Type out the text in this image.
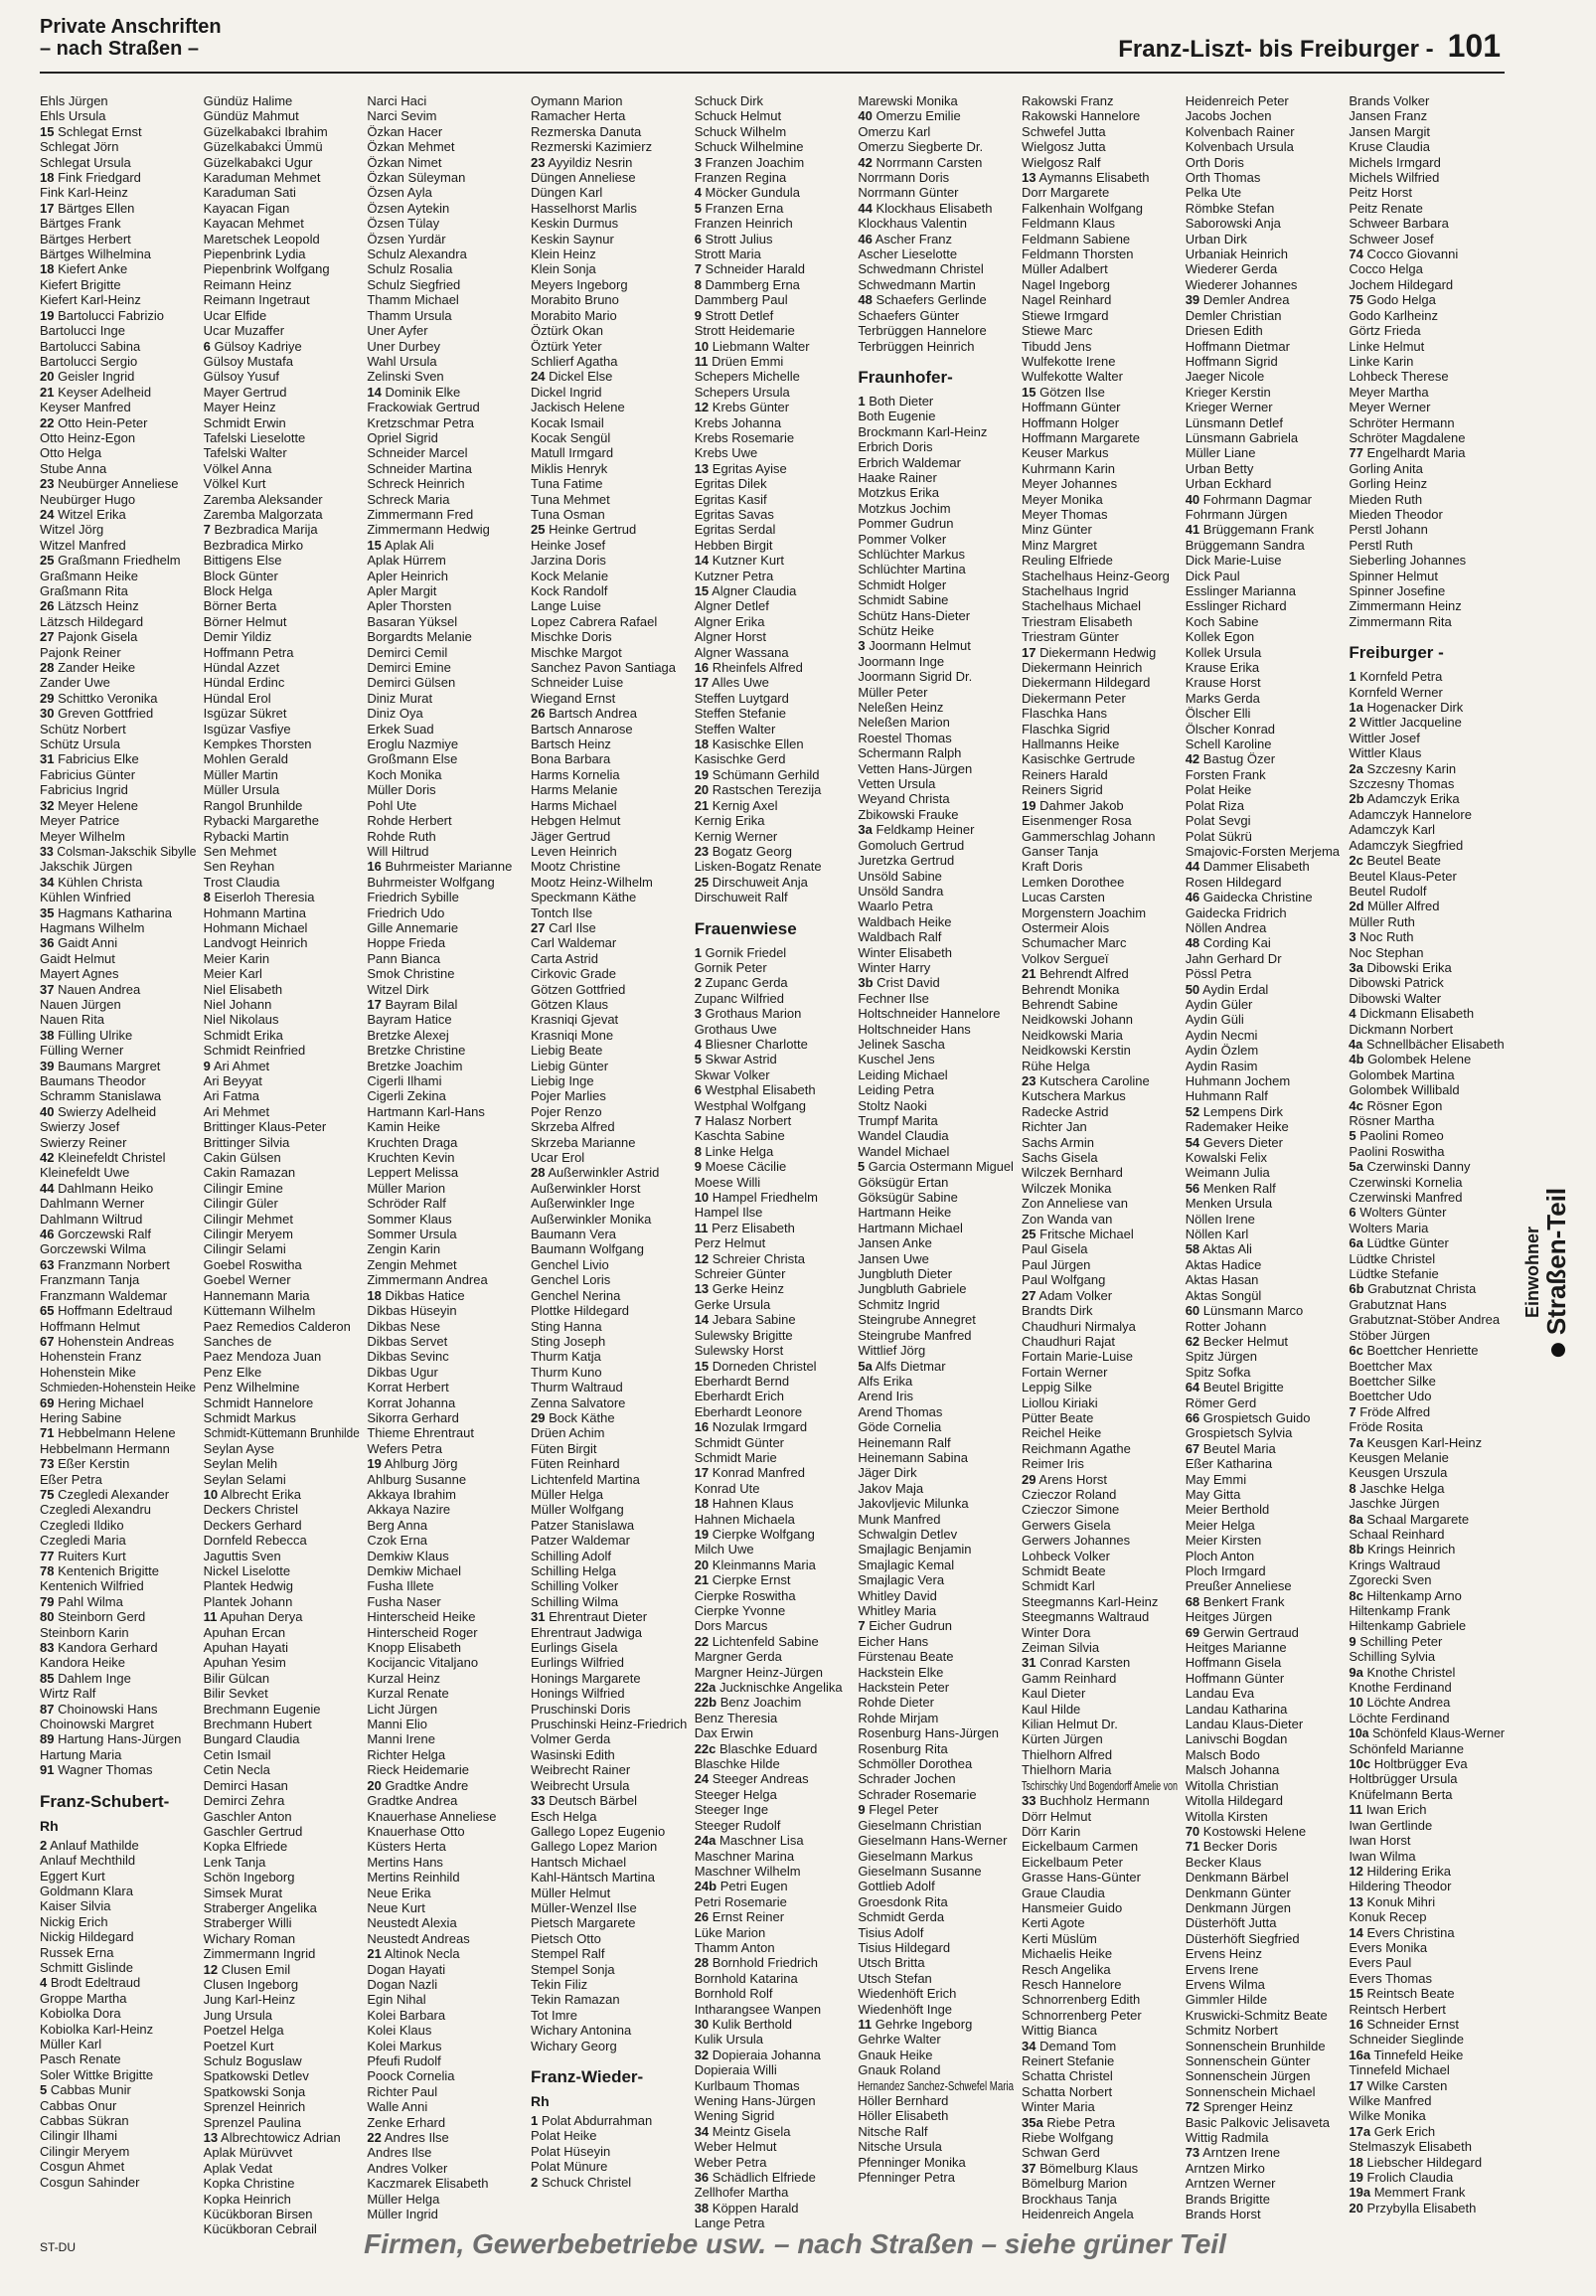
Private Anschriften
– nach Straßen –	Franz-Liszt- bis Freiburger - 101
Ehls Jürgen
Ehls Ursula
15 Schlegat Ernst
Schlegat Jörn
Schlegat Ursula
18 Fink Friedgard
Fink Karl-Heinz
17 Bärtges Ellen
Bärtges Frank
Bärtges Herbert
Bärtges Wilhelmina
18 Kiefert Anke
Kiefert Brigitte
Kiefert Karl-Heinz
19 Bartolucci Fabrizio
Bartolucci Inge
Bartolucci Sabina
Bartolucci Sergio
20 Geisler Ingrid
21 Keyser Adelheid
Keyser Manfred
22 Otto Hein-Peter
Otto Heinz-Egon
Otto Helga
Stube Anna
23 Neubürger Anneliese
Neubürger Hugo
24 Witzel Erika
Witzel Jörg
Witzel Manfred
25 Graßmann Friedhelm
Graßmann Heike
Graßmann Rita
26 Lätzsch Heinz
Lätzsch Hildegard
27 Pajonk Gisela
Pajonk Reiner
28 Zander Heike
Zander Uwe
29 Schittko Veronika
30 Greven Gottfried
Schütz Norbert
Schütz Ursula
31 Fabricius Elke
Fabricius Günter
Fabricius Ingrid
32 Meyer Helene
Meyer Patrice
Meyer Wilhelm
33 Colsman-Jakschik Sibylle
Jakschik Jürgen
34 Kühlen Christa
Kühlen Winfried
35 Hagmans Katharina
Hagmans Wilhelm
36 Gaidt Anni
Gaidt Helmut
Mayert Agnes
37 Nauen Andrea
Nauen Jürgen
Nauen Rita
38 Fülling Ulrike
Fülling Werner
39 Baumans Margret
Baumans Theodor
Schramm Stanislawa
40 Swierzy Adelheid
Swierzy Josef
Swierzy Reiner
42 Kleinefeldt Christel
Kleinefeldt Uwe
44 Dahlmann Heiko
Dahlmann Werner
Dahlmann Wiltrud
46 Gorczewski Ralf
Gorczewski Wilma
63 Franzmann Norbert
Franzmann Tanja
Franzmann Waldemar
65 Hoffmann Edeltraud
Hoffmann Helmut
67 Hohenstein Andreas
Hohenstein Franz
Hohenstein Mike
Schmieden-Hohenstein Heike
69 Hering Michael
Hering Sabine
71 Hebbelmann Helene
Hebbelmann Hermann
73 Eßer Kerstin
Eßer Petra
75 Czegledi Alexander
Czegledi Alexandru
Czegledi Ildiko
Czegledi Maria
77 Ruiters Kurt
78 Kentenich Brigitte
Kentenich Wilfried
79 Pahl Wilma
80 Steinborn Gerd
Steinborn Karin
83 Kandora Gerhard
Kandora Heike
85 Dahlem Inge
Wirtz Ralf
87 Choinowski Hans
Choinowski Margret
89 Hartung Hans-Jürgen
Hartung Maria
91 Wagner Thomas
Franz-Schubert-
Rh
2 Anlauf Mathilde
Anlauf Mechthild
Eggert Kurt
Goldmann Klara
Kaiser Silvia
Nickig Erich
Nickig Hildegard
Russek Erna
Schmitt Gislinde
4 Brodt Edeltraud
Groppe Martha
Kobiolka Dora
Kobiolka Karl-Heinz
Müller Karl
Pasch Renate
Soler Wittke Brigitte
5 Cabbas Munir
Cabbas Onur
Cabbas Sükran
Cilingir Ilhami
Cilingir Meryem
Cosgun Ahmet
Cosgun Sahinder
Gündüz Halime
Gündüz Mahmut
Güzelkabakci Ibrahim
Güzelkabakci Ümmü
Güzelkabakci Ugur
Karaduman Mehmet
Karaduman Sati
Kayacan Figan
Kayacan Mehmet
Maretschek Leopold
Piepenbrink Lydia
Piepenbrink Wolfgang
Reimann Heinz
Reimann Ingetraut
Ucar Elfide
Ucar Muzaffer
6 Gülsoy Kadriye
Gülsoy Mustafa
Gülsoy Yusuf
Mayer Gertrud
Mayer Heinz
Schmidt Erwin
Tafelski Lieselotte
Tafelski Walter
Völkel Anna
Völkel Kurt
Zaremba Aleksander
Zaremba Malgorzata
7 Bezbradica Marija
Bezbradica Mirko
Bittigens Else
Block Günter
Block Helga
Börner Berta
Börner Helmut
Demir Yildiz
Hoffmann Petra
Hündal Azzet
Hündal Erdinc
Hündal Erol
Isgüzar Sükret
Isgüzar Vasfiye
Kempkes Thorsten
Mohlen Gerald
Müller Martin
Müller Ursula
Rangol Brunhilde
Rybacki Margarethe
Rybacki Martin
Sen Mehmet
Sen Reyhan
Trost Claudia
8 Eiserloh Theresia
Hohmann Martina
Hohmann Michael
Landvogt Heinrich
Meier Karin
Meier Karl
Niel Elisabeth
Niel Johann
Niel Nikolaus
Schmidt Erika
Schmidt Reinfried
9 Ari Ahmet
Ari Beyyat
Ari Fatma
Ari Mehmet
Brittinger Klaus-Peter
Brittinger Silvia
Cakin Gülsen
Cakin Ramazan
Cilingir Emine
Cilingir Güler
Cilingir Mehmet
Cilingir Meryem
Cilingir Selami
Goebel Roswitha
Goebel Werner
Hannemann Maria
Küttemann Wilhelm
Paez Remedios Calderon
Sanches de
Paez Mendoza Juan
Penz Elke
Penz Wilhelmine
Schmidt Hannelore
Schmidt Markus
Schmidt-Küttemann Brunhilde
Seylan Ayse
Seylan Melih
Seylan Selami
10 Albrecht Erika
Deckers Christel
Deckers Gerhard
Dornfeld Rebecca
Jaguttis Sven
Nickel Liselotte
Plantek Hedwig
Plantek Johann
11 Apuhan Derya
Apuhan Ercan
Apuhan Hayati
Apuhan Yesim
Bilir Gülcan
Bilir Sevket
Brechmann Eugenie
Brechmann Hubert
Bungard Claudia
Cetin Ismail
Cetin Necla
Demirci Hasan
Demirci Zehra
Gaschler Anton
Gaschler Gertrud
Kopka Elfriede
Lenk Tanja
Schön Ingeborg
Simsek Murat
Straberger Angelika
Straberger Willi
Wichary Roman
Zimmermann Ingrid
12 Clusen Emil
Clusen Ingeborg
Jung Karl-Heinz
Jung Ursula
Poetzel Helga
Poetzel Kurt
Schulz Boguslaw
Spatkowski Detlev
Spatkowski Sonja
Sprenzel Heinrich
Sprenzel Paulina
13 Albrechtowicz Adrian
Aplak Mürüvvet
Aplak Vedat
Kopka Christine
Kopka Heinrich
Kücükboran Birsen
Kücükboran Cebrail
Narci Haci
Narci Sevim
Özkan Hacer
Özkan Mehmet
Özkan Nimet
Özkan Süleyman
Özsen Ayla
Özsen Aytekin
Özsen Tülay
Özsen Yurdär
Schulz Alexandra
Schulz Rosalia
Schulz Siegfried
Thamm Michael
Thamm Ursula
Uner Ayfer
Uner Durbey
Wahl Ursula
Zelinski Sven
14 Dominik Elke
Frackowiak Gertrud
Kretzschmar Petra
Opriel Sigrid
Schneider Marcel
Schneider Martina
Schreck Heinrich
Schreck Maria
Zimmermann Fred
Zimmermann Hedwig
15 Aplak Ali
Aplak Hürrem
Apler Heinrich
Apler Margit
Apler Thorsten
Basaran Yüksel
Borgardts Melanie
Demirci Cemil
Demirci Emine
Demirci Gülsen
Diniz Murat
Diniz Oya
Erkek Suad
Eroglu Nazmiye
Großmann Else
Koch Monika
Müller Doris
Pohl Ute
Rohde Herbert
Rohde Ruth
Will Hiltrud
16 Buhrmeister Marianne
Buhrmeister Wolfgang
Friedrich Sybille
Friedrich Udo
Gille Annemarie
Hoppe Frieda
Pann Bianca
Smok Christine
Witzel Dirk
17 Bayram Bilal
Bayram Hatice
Bretzke Alexej
Bretzke Christine
Bretzke Joachim
Cigerli Ilhami
Cigerli Zekina
Hartmann Karl-Hans
Kamin Heike
Kruchten Draga
Kruchten Kevin
Leppert Melissa
Müller Marion
Schröder Ralf
Sommer Klaus
Sommer Ursula
Zengin Karin
Zengin Mehmet
Zimmermann Andrea
18 Dikbas Hatice
Dikbas Hüseyin
Dikbas Nese
Dikbas Servet
Dikbas Sevinc
Dikbas Ugur
Korrat Herbert
Korrat Johanna
Sikorra Gerhard
Thieme Ehrentraut
Wefers Petra
19 Ahlburg Jörg
Ahlburg Susanne
Akkaya Ibrahim
Akkaya Nazire
Berg Anna
Czok Erna
Demkiw Klaus
Demkiw Michael
Fusha Illete
Fusha Naser
Hinterscheid Heike
Hinterscheid Roger
Knopp Elisabeth
Kocijancic Vitaljano
Kurzal Heinz
Kurzal Renate
Licht Jürgen
Manni Elio
Manni Irene
Richter Helga
Rieck Heidemarie
20 Gradtke Andre
Gradtke Andrea
Knauerhase Anneliese
Knauerhase Otto
Küsters Herta
Mertins Hans
Mertins Reinhild
Neue Erika
Neue Kurt
Neustedt Alexia
Neustedt Andreas
21 Altinok Necla
Dogan Hayati
Dogan Nazli
Egin Nihal
Kolei Barbara
Kolei Klaus
Kolei Markus
Pfeufi Rudolf
Poock Cornelia
Richter Paul
Walle Anni
Zenke Erhard
22 Andres Ilse
Andres Ilse
Andres Volker
Kaczmarek Elisabeth
Müller Helga
Müller Ingrid
Oymann Marion
Ramacher Herta
Rezmerska Danuta
Rezmerski Kazimierz
23 Ayyildiz Nesrin
Düngen Anneliese
Düngen Karl
Hasselhorst Marlis
Keskin Durmus
Keskin Saynur
Klein Heinz
Klein Sonja
Meyers Ingeborg
Morabito Bruno
Morabito Mario
Öztürk Okan
Öztürk Yeter
Schlierf Agatha
24 Dickel Else
Dickel Ingrid
Jackisch Helene
Kocak Ismail
Kocak Sengül
Matull Irmgard
Miklis Henryk
Tuna Fatime
Tuna Mehmet
Tuna Osman
25 Heinke Gertrud
Heinke Josef
Jarzina Doris
Kock Melanie
Kock Randolf
Lange Luise
Lopez Cabrera Rafael
Mischke Doris
Mischke Margot
Sanchez Pavon Santiaga
Schneider Luise
Wiegand Ernst
26 Bartsch Andrea
Bartsch Annarose
Bartsch Heinz
Bona Barbara
Harms Kornelia
Harms Melanie
Harms Michael
Hebgen Helmut
Jäger Gertrud
Leven Heinrich
Mootz Christine
Mootz Heinz-Wilhelm
Speckmann Käthe
Tontch Ilse
27 Carl Ilse
Carl Waldemar
Carta Astrid
Cirkovic Grade
Götzen Gottfried
Götzen Klaus
Krasniqi Gjevat
Krasniqi Mone
Liebig Beate
Liebig Günter
Liebig Inge
Pojer Marlies
Pojer Renzo
Skrzeba Alfred
Skrzeba Marianne
Ucar Erol
28 Außerwinkler Astrid
Außerwinkler Horst
Außerwinkler Inge
Außerwinkler Monika
Baumann Vera
Baumann Wolfgang
Genchel Livio
Genchel Loris
Genchel Nerina
Plottke Hildegard
Sting Hanna
Sting Joseph
Thurm Katja
Thurm Kuno
Thurm Waltraud
Zenna Salvatore
29 Bock Käthe
Drüen Achim
Füten Birgit
Füten Reinhard
Lichtenfeld Martina
Müller Helga
Müller Wolfgang
Patzer Stanislawa
Patzer Waldemar
Schilling Adolf
Schilling Helga
Schilling Volker
Schilling Wilma
31 Ehrentraut Dieter
Ehrentraut Jadwiga
Eurlings Gisela
Eurlings Wilfried
Honings Margarete
Honings Wilfried
Pruschinski Doris
Pruschinski Heinz-Friedrich
Volmer Gerda
Wasinski Edith
Weibrecht Rainer
Weibrecht Ursula
33 Deutsch Bärbel
Esch Helga
Gallego Lopez Eugenio
Gallego Lopez Marion
Hantsch Michael
Kahl-Häntsch Martina
Müller Helmut
Müller-Wenzel Ilse
Pietsch Margarete
Pietsch Otto
Stempel Ralf
Stempel Sonja
Tekin Filiz
Tekin Ramazan
Tot Imre
Wichary Antonina
Wichary Georg
Franz-Wieder-
Rh
1 Polat Abdurrahman
Polat Heike
Polat Hüseyin
Polat Münure
2 Schuck Christel
Schuck Dirk
Schuck Helmut
Schuck Wilhelm
Schuck Wilhelmine
3 Franzen Joachim
Franzen Regina
4 Möcker Gundula
5 Franzen Erna
Franzen Heinrich
6 Strott Julius
Strott Maria
7 Schneider Harald
8 Dammberg Erna
Dammberg Paul
9 Strott Detlef
Strott Heidemarie
10 Liebmann Walter
11 Drüen Emmi
Schepers Michelle
Schepers Ursula
12 Krebs Günter
Krebs Johanna
Krebs Rosemarie
Krebs Uwe
13 Egritas Ayise
Egritas Dilek
Egritas Kasif
Egritas Savas
Egritas Serdal
Hebben Birgit
14 Kutzner Kurt
Kutzner Petra
15 Algner Claudia
Algner Detlef
Algner Erika
Algner Horst
Algner Wassana
16 Rheinfels Alfred
17 Alles Uwe
Steffen Luytgard
Steffen Stefanie
Steffen Walter
18 Kasischke Ellen
Kasischke Gerd
19 Schümann Gerhild
20 Rastschen Terezija
21 Kernig Axel
Kernig Erika
Kernig Werner
23 Bogatz Georg
Lisken-Bogatz Renate
25 Dirschuweit Anja
Dirschuweit Ralf
Frauenwiese
1 Gornik Friedel
Gornik Peter
2 Zupanc Gerda
Zupanc Wilfried
3 Grothaus Marion
Grothaus Uwe
4 Bliesner Charlotte
5 Skwar Astrid
Skwar Volker
6 Westphal Elisabeth
Westphal Wolfgang
7 Halasz Norbert
Kaschta Sabine
8 Linke Helga
9 Moese Cäcilie
Moese Willi
10 Hampel Friedhelm
Hampel Ilse
11 Perz Elisabeth
Perz Helmut
12 Schreier Christa
Schreier Günter
13 Gerke Heinz
Gerke Ursula
14 Jebara Sabine
Sulewsky Brigitte
Sulewsky Horst
15 Dorneden Christel
Eberhardt Bernd
Eberhardt Erich
Eberhardt Leonore
16 Nozulak Irmgard
Schmidt Günter
Schmidt Marie
17 Konrad Manfred
Konrad Ute
18 Hahnen Klaus
Hahnen Michaela
19 Cierpke Wolfgang
Milch Uwe
20 Kleinmanns Maria
21 Cierpke Ernst
Cierpke Roswitha
Cierpke Yvonne
Dors Marcus
22 Lichtenfeld Sabine
Margner Gerda
Margner Heinz-Jürgen
22a Jucknischke Angelika
22b Benz Joachim
Benz Theresia
Dax Erwin
22c Blaschke Eduard
Blaschke Hilde
24 Steeger Andreas
Steeger Helga
Steeger Inge
Steeger Rudolf
24a Maschner Lisa
Maschner Marina
Maschner Wilhelm
24b Petri Eugen
Petri Rosemarie
26 Ernst Reiner
Lüke Marion
Thamm Anton
28 Bornhold Friedrich
Bornhold Katarina
Bornhold Rolf
Intharangsee Wanpen
30 Kulik Berthold
Kulik Ursula
32 Dopieraia Johanna
Dopieraia Willi
Kurlbaum Thomas
Wening Hans-Jürgen
Wening Sigrid
34 Meintz Gisela
Weber Helmut
Weber Petra
36 Schädlich Elfriede
Zellhofer Martha
38 Köppen Harald
Lange Petra
Marewski Monika
40 Omerzu Emilie
Omerzu Karl
Omerzu Siegberte Dr.
42 Norrmann Carsten
Norrmann Doris
Norrmann Günter
44 Klockhaus Elisabeth
Klockhaus Valentin
46 Ascher Franz
Ascher Lieselotte
Schwedmann Christel
Schwedmann Martin
48 Schaefers Gerlinde
Schaefers Günter
Terbrüggen Hannelore
Terbrüggen Heinrich
Fraunhofer-
1 Both Dieter
Both Eugenie
Brockmann Karl-Heinz
Erbrich Doris
Erbrich Waldemar
Haake Rainer
Motzkus Erika
Motzkus Jochim
Pommer Gudrun
Pommer Volker
Schlüchter Markus
Schlüchter Martina
Schmidt Holger
Schmidt Sabine
Schütz Hans-Dieter
Schütz Heike
3 Joormann Helmut
Joormann Inge
Joormann Sigrid Dr.
Müller Peter
Neleßen Heinz
Neleßen Marion
Roestel Thomas
Schermann Ralph
Vetten Hans-Jürgen
Vetten Ursula
Weyand Christa
Zbikowski Frauke
3a Feldkamp Heiner
Gomoluch Gertrud
Juretzka Gertrud
Unsöld Sabine
Unsöld Sandra
Waarlo Petra
Waldbach Heike
Waldbach Ralf
Winter Elisabeth
Winter Harry
3b Crist David
Fechner Ilse
Holtschneider Hannelore
Holtschneider Hans
Jelinek Sascha
Kuschel Jens
Leiding Michael
Leiding Petra
Stoltz Naoki
Trumpf Marita
Wandel Claudia
Wandel Michael
5 Garcia Ostermann Miguel
Göksügür Ertan
Göksügür Sabine
Hartmann Heike
Hartmann Michael
Jansen Anke
Jansen Uwe
Jungbluth Dieter
Jungbluth Gabriele
Schmitz Ingrid
Steingrube Annegret
Steingrube Manfred
Wittlief Jörg
5a Alfs Dietmar
Alfs Erika
Arend Iris
Arend Thomas
Göde Cornelia
Heinemann Ralf
Heinemann Sabina
Jäger Dirk
Jakov Maja
Jakovljevic Milunka
Munk Manfred
Schwalgin Detlev
Smajlagic Benjamin
Smajlagic Kemal
Smajlagic Vera
Whitley David
Whitley Maria
7 Eicher Gudrun
Eicher Hans
Fürstenau Beate
Hackstein Elke
Hackstein Peter
Rohde Dieter
Rohde Mirjam
Rosenburg Hans-Jürgen
Rosenburg Rita
Schmöller Dorothea
Schrader Jochen
Schrader Rosemarie
9 Flegel Peter
Gieselmann Christian
Gieselmann Hans-Werner
Gieselmann Markus
Gieselmann Susanne
Gottlieb Adolf
Groesdonk Rita
Schmidt Gerda
Tisius Adolf
Tisius Hildegard
Utsch Britta
Utsch Stefan
Wiedenhöft Erich
Wiedenhöft Inge
11 Gehrke Ingeborg
Gehrke Walter
Gnauk Heike
Gnauk Roland
Hernandez Sanchez-Schwefel Maria
Höller Bernhard
Höller Elisabeth
Nitsche Ralf
Nitsche Ursula
Pfenninger Monika
Pfenninger Petra
Rakowski Franz
Rakowski Hannelore
Schwefel Jutta
Wielgosz Jutta
Wielgosz Ralf
13 Aymanns Elisabeth
Dorr Margarete
Falkenhain Wolfgang
Feldmann Klaus
Feldmann Sabiene
Feldmann Thorsten
Müller Adalbert
Nagel Ingeborg
Nagel Reinhard
Stiewe Irmgard
Stiewe Marc
Tibudd Jens
Wulfekotte Irene
Wulfekotte Walter
15 Götzen Ilse
Hoffmann Günter
Hoffmann Holger
Hoffmann Margarete
Keuser Markus
Kuhrmann Karin
Meyer Johannes
Meyer Monika
Meyer Thomas
Minz Günter
Minz Margret
Reuling Elfriede
Stachelhaus Heinz-Georg
Stachelhaus Ingrid
Stachelhaus Michael
Triestram Elisabeth
Triestram Günter
17 Diekermann Hedwig
Diekermann Heinrich
Diekermann Hildegard
Diekermann Peter
Flaschka Hans
Flaschka Sigrid
Hallmanns Heike
Kasischke Gertrude
Reiners Harald
Reiners Sigrid
19 Dahmer Jakob
Eisenmenger Rosa
Gammerschlag Johann
Ganser Tanja
Kraft Doris
Lemken Dorothee
Lucas Carsten
Morgenstern Joachim
Ostermeir Alois
Schumacher Marc
Volkov Sergueï
21 Behrendt Alfred
Behrendt Monika
Behrendt Sabine
Neidkowski Johann
Neidkowski Maria
Neidkowski Kerstin
Rühe Helga
23 Kutschera Caroline
Kutschera Markus
Radecke Astrid
Richter Jan
Sachs Armin
Sachs Gisela
Wilczek Bernhard
Wilczek Monika
Zon Anneliese van
Zon Wanda van
25 Fritsche Michael
Paul Gisela
Paul Jürgen
Paul Wolfgang
27 Adam Volker
Brandts Dirk
Chaudhuri Nirmalya
Chaudhuri Rajat
Fortain Marie-Luise
Fortain Werner
Leppig Silke
Liollou Kiriaki
Pütter Beate
Reichel Heike
Reichmann Agathe
Reimer Iris
29 Arens Horst
Czieczor Roland
Czieczor Simone
Gerwers Gisela
Gerwers Johannes
Lohbeck Volker
Schmidt Beate
Schmidt Karl
Steegmanns Karl-Heinz
Steegmanns Waltraud
Winter Dora
Zeiman Silvia
31 Conrad Karsten
Gamm Reinhard
Kaul Dieter
Kaul Hilde
Kilian Helmut Dr.
Kürten Jürgen
Thielhorn Alfred
Thielhorn Maria
Tschirschky Und Bogendorff Amelie von
33 Buchholz Hermann
Dörr Helmut
Dörr Karin
Eickelbaum Carmen
Eickelbaum Peter
Grasse Hans-Günter
Graue Claudia
Hansmeier Guido
Kerti Agote
Kerti Müslüm
Michaelis Heike
Resch Angelika
Resch Hannelore
Schnorrenberg Edith
Schnorrenberg Peter
Wittig Bianca
34 Demand Tom
Reinert Stefanie
Schatta Christel
Schatta Norbert
Winter Maria
35a Riebe Petra
Riebe Wolfgang
Schwan Gerd
37 Bömelburg Klaus
Bömelburg Marion
Brockhaus Tanja
Heidenreich Angela
Heidenreich Peter
Jacobs Jochen
Kolvenbach Rainer
Kolvenbach Ursula
Orth Doris
Orth Thomas
Pelka Ute
Römbke Stefan
Saborowski Anja
Urban Dirk
Urbaniak Heinrich
Wiederer Gerda
Wiederer Johannes
39 Demler Andrea
Demler Christian
Driesen Edith
Hoffmann Dietmar
Hoffmann Sigrid
Jaeger Nicole
Krieger Kerstin
Krieger Werner
Lünsmann Detlef
Lünsmann Gabriela
Müller Liane
Urban Betty
Urban Eckhard
40 Fohrmann Dagmar
Fohrmann Jürgen
41 Brüggemann Frank
Brüggemann Sandra
Dick Marie-Luise
Dick Paul
Esslinger Marianna
Esslinger Richard
Koch Sabine
Kollek Egon
Kollek Ursula
Krause Erika
Krause Horst
Marks Gerda
Ölscher Elli
Ölscher Konrad
Schell Karoline
42 Bastug Özer
Forsten Frank
Polat Heike
Polat Riza
Polat Sevgi
Polat Sükrü
Smajovic-Forsten Merjema
44 Dammer Elisabeth
Rosen Hildegard
46 Gaidecka Christine
Gaidecka Fridrich
Nöllen Andrea
48 Cording Kai
Jahn Gerhard Dr
Pössl Petra
50 Aydin Erdal
Aydin Güler
Aydin Güli
Aydin Necmi
Aydin Özlem
Aydin Rasim
Huhmann Jochem
Huhmann Ralf
52 Lempens Dirk
Rademaker Heike
54 Gevers Dieter
Kowalski Felix
Weimann Julia
56 Menken Ralf
Menken Ursula
Nöllen Irene
Nöllen Karl
58 Aktas Ali
Aktas Hadice
Aktas Hasan
Aktas Songül
60 Lünsmann Marco
Rotter Johann
62 Becker Helmut
Spitz Jürgen
Spitz Sofka
64 Beutel Brigitte
Römer Gerd
66 Grospietsch Guido
Grospietsch Sylvia
67 Beutel Maria
Eßer Katharina
May Emmi
May Gitta
Meier Berthold
Meier Helga
Meier Kirsten
Ploch Anton
Ploch Irmgard
Preußer Anneliese
68 Benkert Frank
Heitges Jürgen
69 Gerwin Gertraud
Heitges Marianne
Hoffmann Gisela
Hoffmann Günter
Landau Eva
Landau Katharina
Landau Klaus-Dieter
Lanivschi Bogdan
Malsch Bodo
Malsch Johanna
Witolla Christian
Witolla Hildegard
Witolla Kirsten
70 Kostowski Helene
71 Becker Doris
Becker Klaus
Denkmann Bärbel
Denkmann Günter
Denkmann Jürgen
Düsterhöft Jutta
Düsterhöft Siegfried
Ervens Heinz
Ervens Irene
Ervens Wilma
Gimmler Hilde
Kruswicki-Schmitz Beate
Schmitz Norbert
Sonnenschein Brunhilde
Sonnenschein Günter
Sonnenschein Jürgen
Sonnenschein Michael
72 Sprenger Heinz
Basic Palkovic Jelisaveta
Wittig Radmila
73 Arntzen Irene
Arntzen Mirko
Arntzen Werner
Brands Brigitte
Brands Horst
Brands Volker
Jansen Franz
Jansen Margit
Kruse Claudia
Michels Irmgard
Michels Wilfried
Peitz Horst
Peitz Renate
Schweer Barbara
Schweer Josef
74 Cocco Giovanni
Cocco Helga
Jochem Hildegard
75 Godo Helga
Godo Karlheinz
Görtz Frieda
Linke Helmut
Linke Karin
Lohbeck Therese
Meyer Martha
Meyer Werner
Schröter Hermann
Schröter Magdalene
77 Engelhardt Maria
Gorling Anita
Gorling Heinz
Mieden Ruth
Mieden Theodor
Perstl Johann
Perstl Ruth
Sieberling Johannes
Spinner Helmut
Spinner Josefine
Zimmermann Heinz
Zimmermann Rita
Freiburger -
1 Kornfeld Petra
Kornfeld Werner
1a Hogenacker Dirk
2 Wittler Jacqueline
Wittler Josef
Wittler Klaus
2a Szczesny Karin
Szczesny Thomas
2b Adamczyk Erika
Adamczyk Hannelore
Adamczyk Karl
Adamczyk Siegfried
2c Beutel Beate
Beutel Klaus-Peter
Beutel Rudolf
2d Müller Alfred
Müller Ruth
3 Noc Ruth
Noc Stephan
3a Dibowski Erika
Dibowski Patrick
Dibowski Walter
4 Dickmann Elisabeth
Dickmann Norbert
4a Schnellbächer Elisabeth
4b Golombek Helene
Golombek Martina
Golombek Willibald
4c Rösner Egon
Rösner Martha
5 Paolini Romeo
Paolini Roswitha
5a Czerwinski Danny
Czerwinski Kornelia
Czerwinski Manfred
6 Wolters Günter
Wolters Maria
6a Lüdtke Günter
Lüdtke Christel
Lüdtke Stefanie
6b Grabutznat Christa
Grabutznat Hans
Grabutznat-Stöber Andrea
Stöber Jürgen
6c Boettcher Henriette
Boettcher Max
Boettcher Silke
Boettcher Udo
7 Fröde Alfred
Fröde Rosita
7a Keusgen Karl-Heinz
Keusgen Melanie
Keusgen Urszula
8 Jaschke Helga
Jaschke Jürgen
8a Schaal Margarete
Schaal Reinhard
8b Krings Heinrich
Krings Waltraud
Zgorecki Sven
8c Hiltenkamp Arno
Hiltenkamp Frank
Hiltenkamp Gabriele
9 Schilling Peter
Schilling Sylvia
9a Knothe Christel
Knothe Ferdinand
10 Löchte Andrea
Löchte Ferdinand
10a Schönfeld Klaus-Werner
Schönfeld Marianne
10c Holtbrügger Eva
Holtbrügger Ursula
Knüfelmann Berta
11 Iwan Erich
Iwan Gertlinde
Iwan Horst
Iwan Wilma
12 Hildering Erika
Hildering Theodor
13 Konuk Mihri
Konuk Recep
14 Evers Christina
Evers Monika
Evers Paul
Evers Thomas
15 Reintsch Beate
Reintsch Herbert
16 Schneider Ernst
Schneider Sieglinde
16a Tinnefeld Heike
Tinnefeld Michael
17 Wilke Carsten
Wilke Manfred
Wilke Monika
17a Gerk Erich
Stelmaszyk Elisabeth
18 Liebscher Hildegard
19 Frolich Claudia
19a Memmert Frank
20 Przybylla Elisabeth
Einwohner Straßen-Teil
ST-DU	Firmen, Gewerbebetriebe usw. – nach Straßen – siehe grüner Teil
